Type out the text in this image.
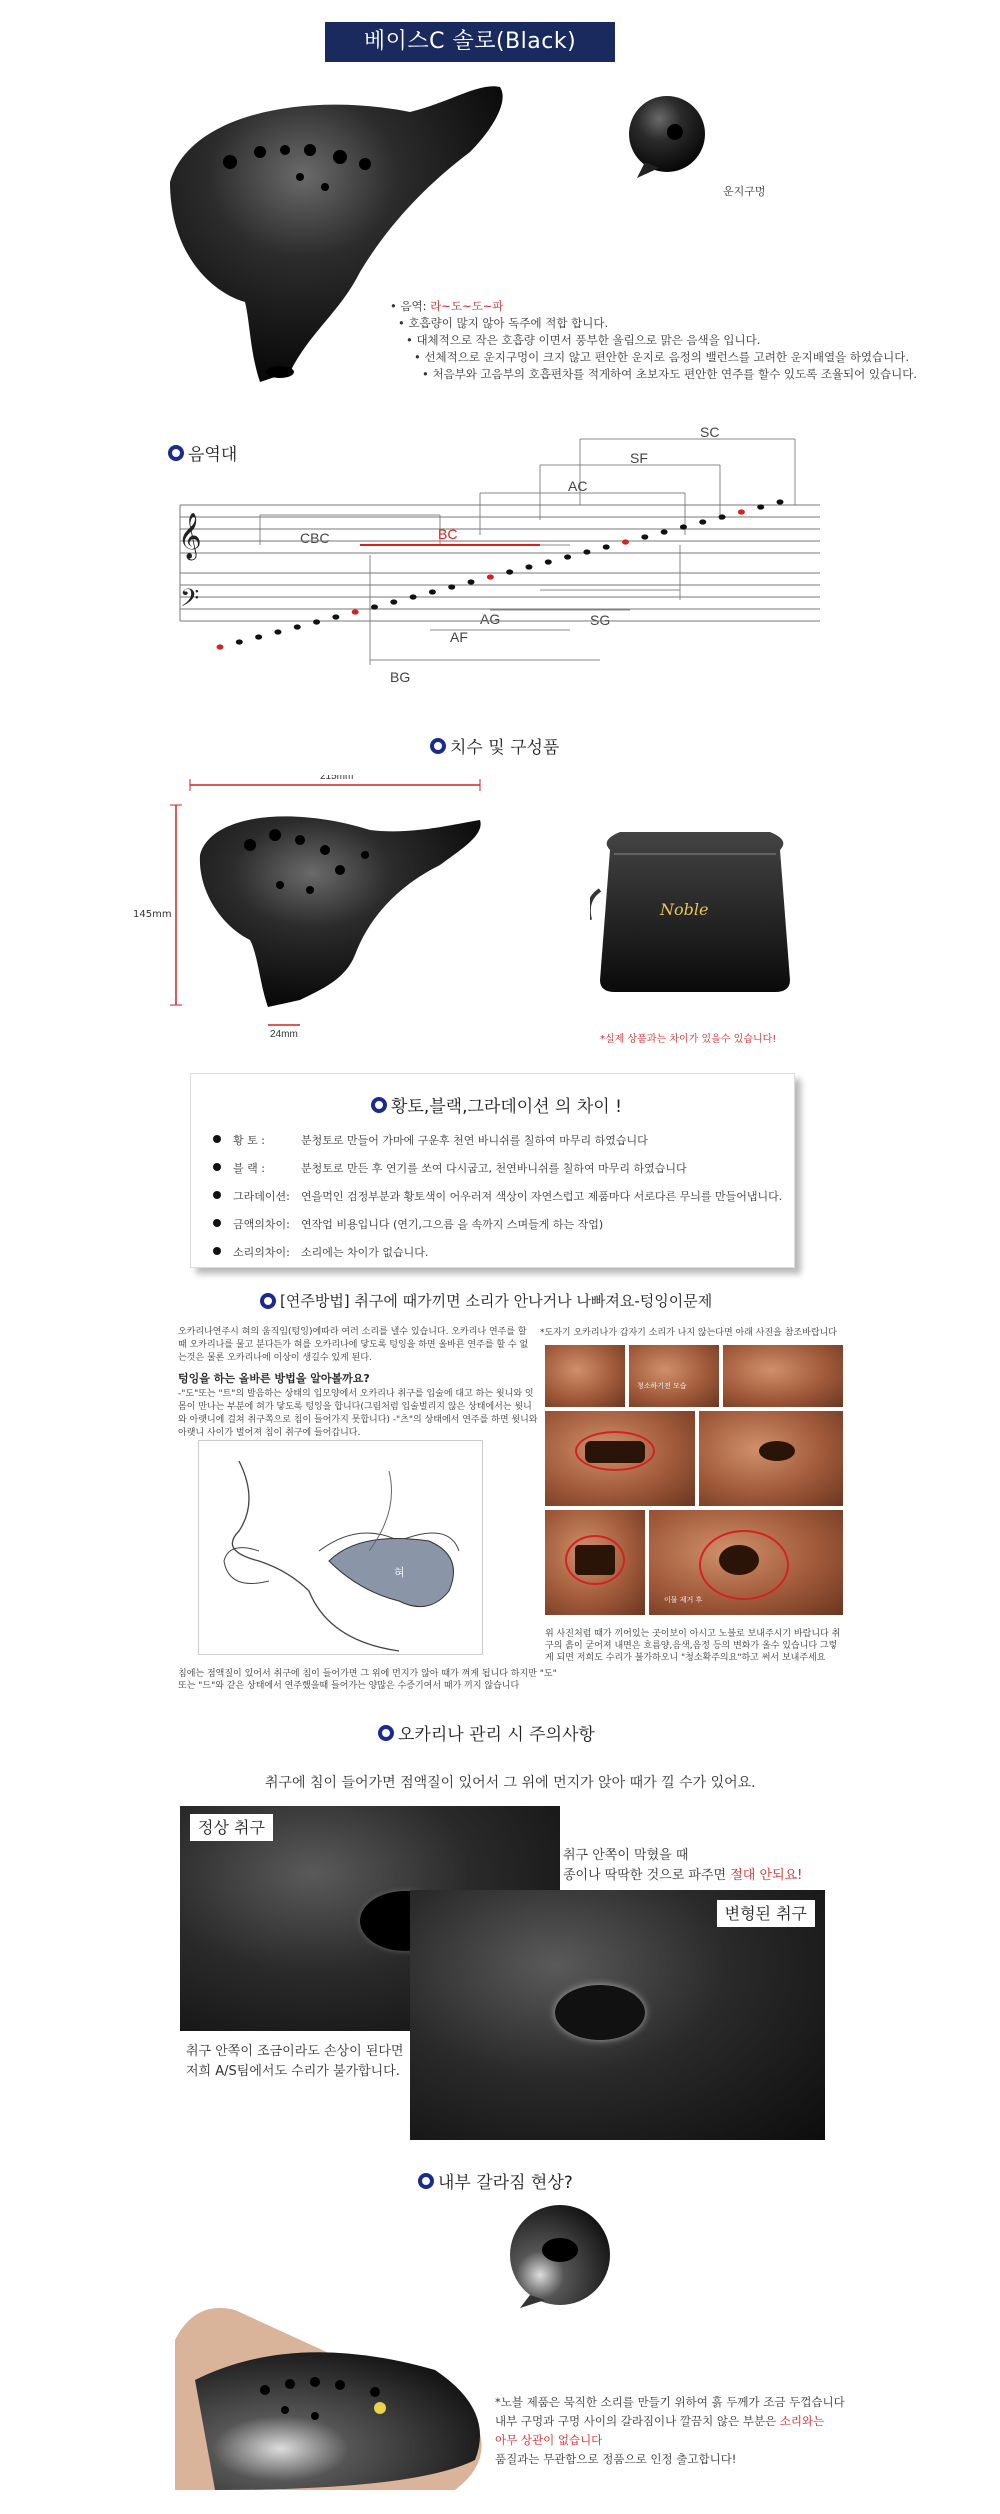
베이스C 솔로(Black)
운지구멍
• 음역: 라~도~도~파
• 호흡량이 많지 않아 독주에 적합 합니다.
• 대체적으로 작은 호흡량 이면서 풍부한 울림으로 맑은 음색을 입니다.
• 선체적으로 운지구멍이 크지 않고 편안한 운지로 음정의 밸런스를 고려한 운지배열을 하였습니다.
• 처음부와 고음부의 호흡편차를 적게하여 초보자도 편안한 연주를 할수 있도록 조율되어 있습니다.
음역대
SC
SF
AC
BC
CBC
SG
AG
AF
BG
𝄞
𝄢
치수 및 구성품
215mm
24mm
145mm	Noble
*실제 상품과는 차이가 있을수 있습니다!
황토,블랙,그라데이션 의 차이 !
황 토 :	분청토로 만들어 가마에 구운후 천연 바니쉬를 칠하여 마무리 하였습니다
블 랙 :	분청토로 만든 후 연기를 쏘여 다시굽고, 천연바니쉬를 칠하여 마무리 하였습니다
그라데이션:	연을먹인 검정부분과 황토색이 어우러져 색상이 자연스럽고 제품마다 서로다른 무늬를 만들어냅니다.
금액의차이:	연작업 비용입니다 (연기,그으름 을 속까지 스며들게 하는 작업)
소리의차이:	소리에는 차이가 없습니다.
[연주방법] 취구에 때가끼면 소리가 안나거나 나빠져요-텅잉이문제
오카리나연주시 혀의 움직임(텅잉)에따라 여러 소리를 낼수 있습니다. 오카리나 연주를 할때 오카리나를 물고 분다든가 혀를 오카리나에 닿도록 텅잉을 하면 올바른 연주를 할 수 없는것은 물론 오카리나에 이상이 생길수 있게 된다.
텅잉을 하는 올바른 방법을 알아볼까요?
-"도"또는 "트"의 발음하는 상태의 입모양에서 오카리나 취구를 입술에 대고 하는 윗니와 잇몸이 만나는 부분에 혀가 닿도록 텅잉을 합니다(그림처럼 입술벌리지 않은 상태에서는 윗니와 아랫니에 걸쳐 취구쪽으로 침이 들어가지 못합니다) -"츠"의 상태에서 연주를 하면 윗니와 아랫니 사이가 벌어져 침이 취구에 들어갑니다.
혀
침에는 점액질이 있어서 취구에 침이 들어가면 그 위에 먼지가 않아 때가 껴게 됩니다 하지만 "도" 또는 "드"와 같은 상태에서 연주했을때 들어가는 양많은 수증기여서 때가 끼지 않습니다
*도자기 오카리나가 갑자기 소리가 나지 않는다면 아래 사진을 참조바랍니다
청소하기전 모습
이물 제거 후
위 사진처럼 때가 끼어있는 곳이보이 아시고 노블로 보내주시기 바랍니다 취구의 흙이 굳어져 내면은 흐름양,음색,음정 등의 변화가 올수 있습니다 그렇게 되면 저희도 수리가 불가하오니 "청소확주의요"하고 써서 보내주세요
오카리나 관리 시 주의사항
취구에 침이 들어가면 점액질이 있어서 그 위에 먼지가 앉아 때가 낄 수가 있어요.
정상 취구
취구 안쪽이 막혔을 때
종이나 딱딱한 것으로 파주면 절대 안되요!
변형된 취구
취구 안쪽이 조금이라도 손상이 된다면
저희 A/S팀에서도 수리가 불가합니다.
내부 갈라짐 현상?
*노블 제품은 묵직한 소리를 만들기 위하여 흙 두께가 조금 두껍습니다
내부 구멍과 구멍 사이의 갈라짐이나 깔끔치 않은 부분은 소리와는
아무 상관이 없습니다
품질과는 무관함으로 정품으로 인정 출고합니다!
